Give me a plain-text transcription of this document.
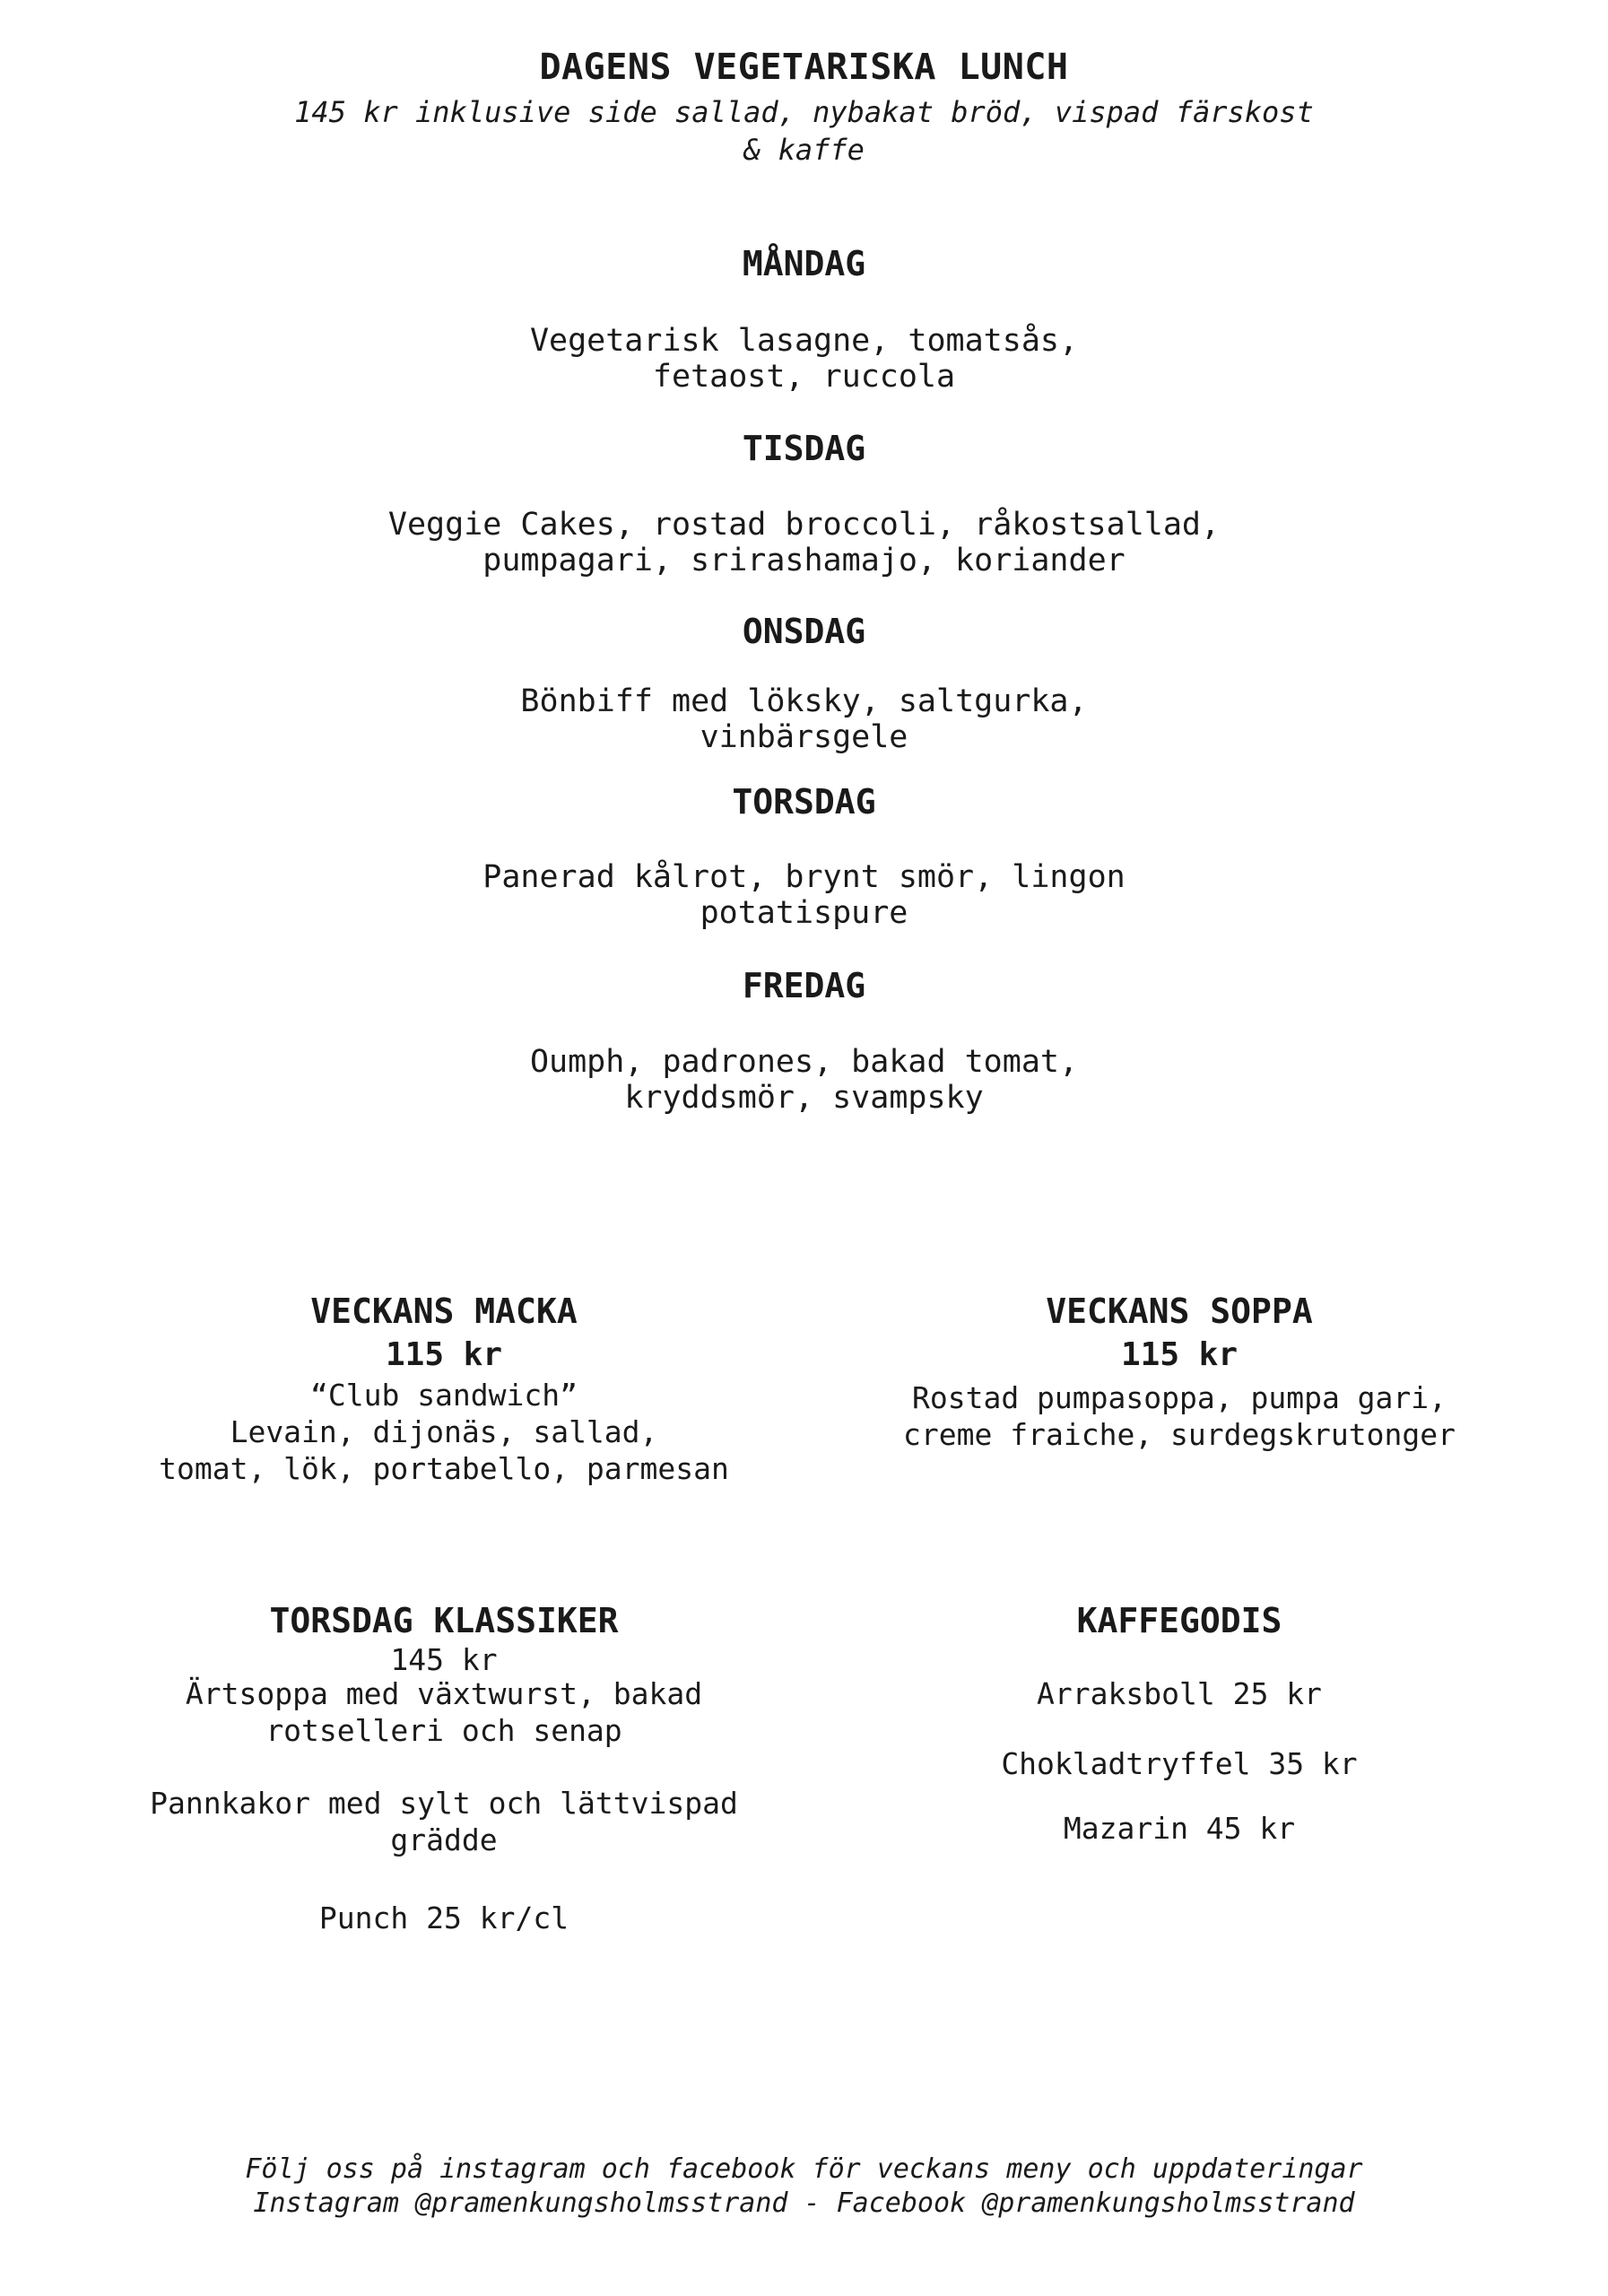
DAGENS VEGETARISKA LUNCH
145 kr inklusive side sallad, nybakat bröd, vispad färskost
& kaffe
MÅNDAG
Vegetarisk lasagne, tomatsås,
fetaost, ruccola
TISDAG
Veggie Cakes, rostad broccoli, råkostsallad,
pumpagari, srirashamajo, koriander
ONSDAG
Bönbiff med löksky, saltgurka,
vinbärsgele
TORSDAG
Panerad kålrot, brynt smör, lingon
potatispure
FREDAG
Oumph, padrones, bakad tomat,
kryddsmör, svampsky
VECKANS MACKA
115 kr
“Club sandwich”
Levain, dijonäs, sallad,
tomat, lök, portabello, parmesan
VECKANS SOPPA
115 kr
Rostad pumpasoppa, pumpa gari,
creme fraiche, surdegskrutonger
TORSDAG KLASSIKER
145 kr
Ärtsoppa med växtwurst, bakad
rotselleri och senap
Pannkakor med sylt och lättvispad
grädde
Punch 25 kr/cl
KAFFEGODIS
Arraksboll 25 kr
Chokladtryffel 35 kr
Mazarin 45 kr
Följ oss på instagram och facebook för veckans meny och uppdateringar
Instagram @pramenkungsholmsstrand - Facebook @pramenkungsholmsstrand
